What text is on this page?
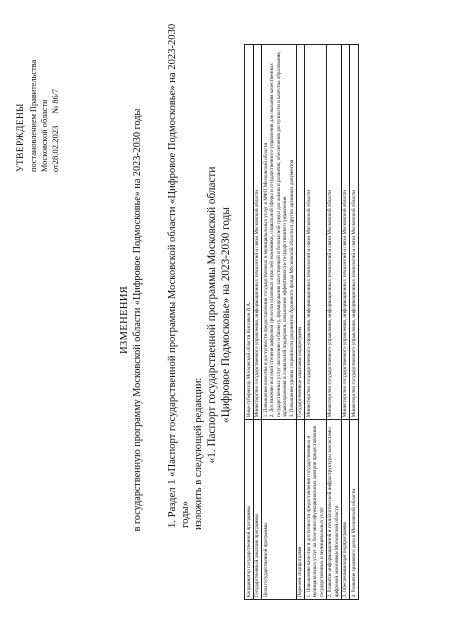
УТВЕРЖДЕНЫ постановлением Правительства Московской области от28.02.2023№ 86/7
ИЗМЕНЕНИЯ в государственную программу Московской области «Цифровое Подмосковье» на 2023-2030 годы 1. Раздел 1 «Паспорт государственной программы Московской области «Цифровое Подмосковье» на 2023-2030 годы» изложить в следующей редакции: «1. Паспорт государственной программы Московской области «Цифровое Подмосковье» на 2023-2030 годы
Координатор государственной программы	Вице-губернатор Московской области Кисляков И.А.

Государственный заказчик программы	Министерство государственного управления, информационных технологий и связи Московской области

Цели государственной программы	1. Повышение качества и доступности предоставления государственных и муниципальных услуг в МФЦ Московской области 2. Достижение высокой степени цифровой зрелости основных отраслей экономики, социальной сферы и государственного управления для оказания качественных государственных услуг населению и бизнесу, формирования качественной и безопасной среды для жизни и развития, обеспечения доступности и качества образования, здравоохранения и социальной поддержки, повышение эффективности государственного управления 3. Повышение уровня сохранности документов Архивного фонда Московской области и других архивных документов

Перечень подпрограмм	Государственные заказчики подпрограмм

1. Повышение качества и доступности предоставления государственных и муниципальных услуг на базе многофункциональных центров предоставления государственных и муниципальных услуг	Министерство государственного управления, информационных технологий и связи Московской области

2. Развитие информационной и технологической инфраструктуры экосистемы цифровой экономики Московской области	Министерство государственного управления, информационных технологий и связи Московской области

3. Обеспечивающая подпрограмма	Министерство государственного управления, информационных технологий и связи Московской области

4. Развитие архивного дела в Московской области	Министерство государственного управления, информационных технологий и связи Московской области
